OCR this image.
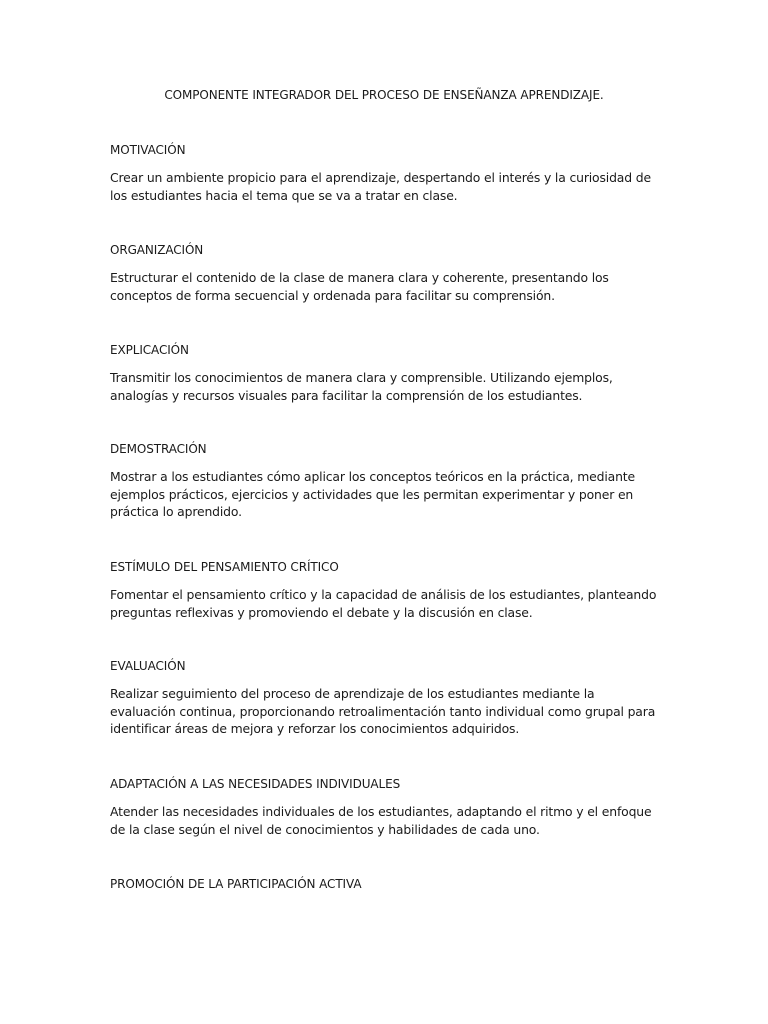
COMPONENTE INTEGRADOR DEL PROCESO DE ENSEÑANZA APRENDIZAJE.

MOTIVACIÓN

Crear un ambiente propicio para el aprendizaje, despertando el interés y la curiosidad de los estudiantes hacia el tema que se va a tratar en clase.

ORGANIZACIÓN

Estructurar el contenido de la clase de manera clara y coherente, presentando los conceptos de forma secuencial y ordenada para facilitar su comprensión.

EXPLICACIÓN

Transmitir los conocimientos de manera clara y comprensible. Utilizando ejemplos, analogías y recursos visuales para facilitar la comprensión de los estudiantes.

DEMOSTRACIÓN

Mostrar a los estudiantes cómo aplicar los conceptos teóricos en la práctica, mediante ejemplos prácticos, ejercicios y actividades que les permitan experimentar y poner en práctica lo aprendido.

ESTÍMULO DEL PENSAMIENTO CRÍTICO

Fomentar el pensamiento crítico y la capacidad de análisis de los estudiantes, planteando preguntas reflexivas y promoviendo el debate y la discusión en clase.

EVALUACIÓN

Realizar seguimiento del proceso de aprendizaje de los estudiantes mediante la evaluación continua, proporcionando retroalimentación tanto individual como grupal para identificar áreas de mejora y reforzar los conocimientos adquiridos.

ADAPTACIÓN A LAS NECESIDADES INDIVIDUALES

Atender las necesidades individuales de los estudiantes, adaptando el ritmo y el enfoque de la clase según el nivel de conocimientos y habilidades de cada uno.

PROMOCIÓN DE LA PARTICIPACIÓN ACTIVA
